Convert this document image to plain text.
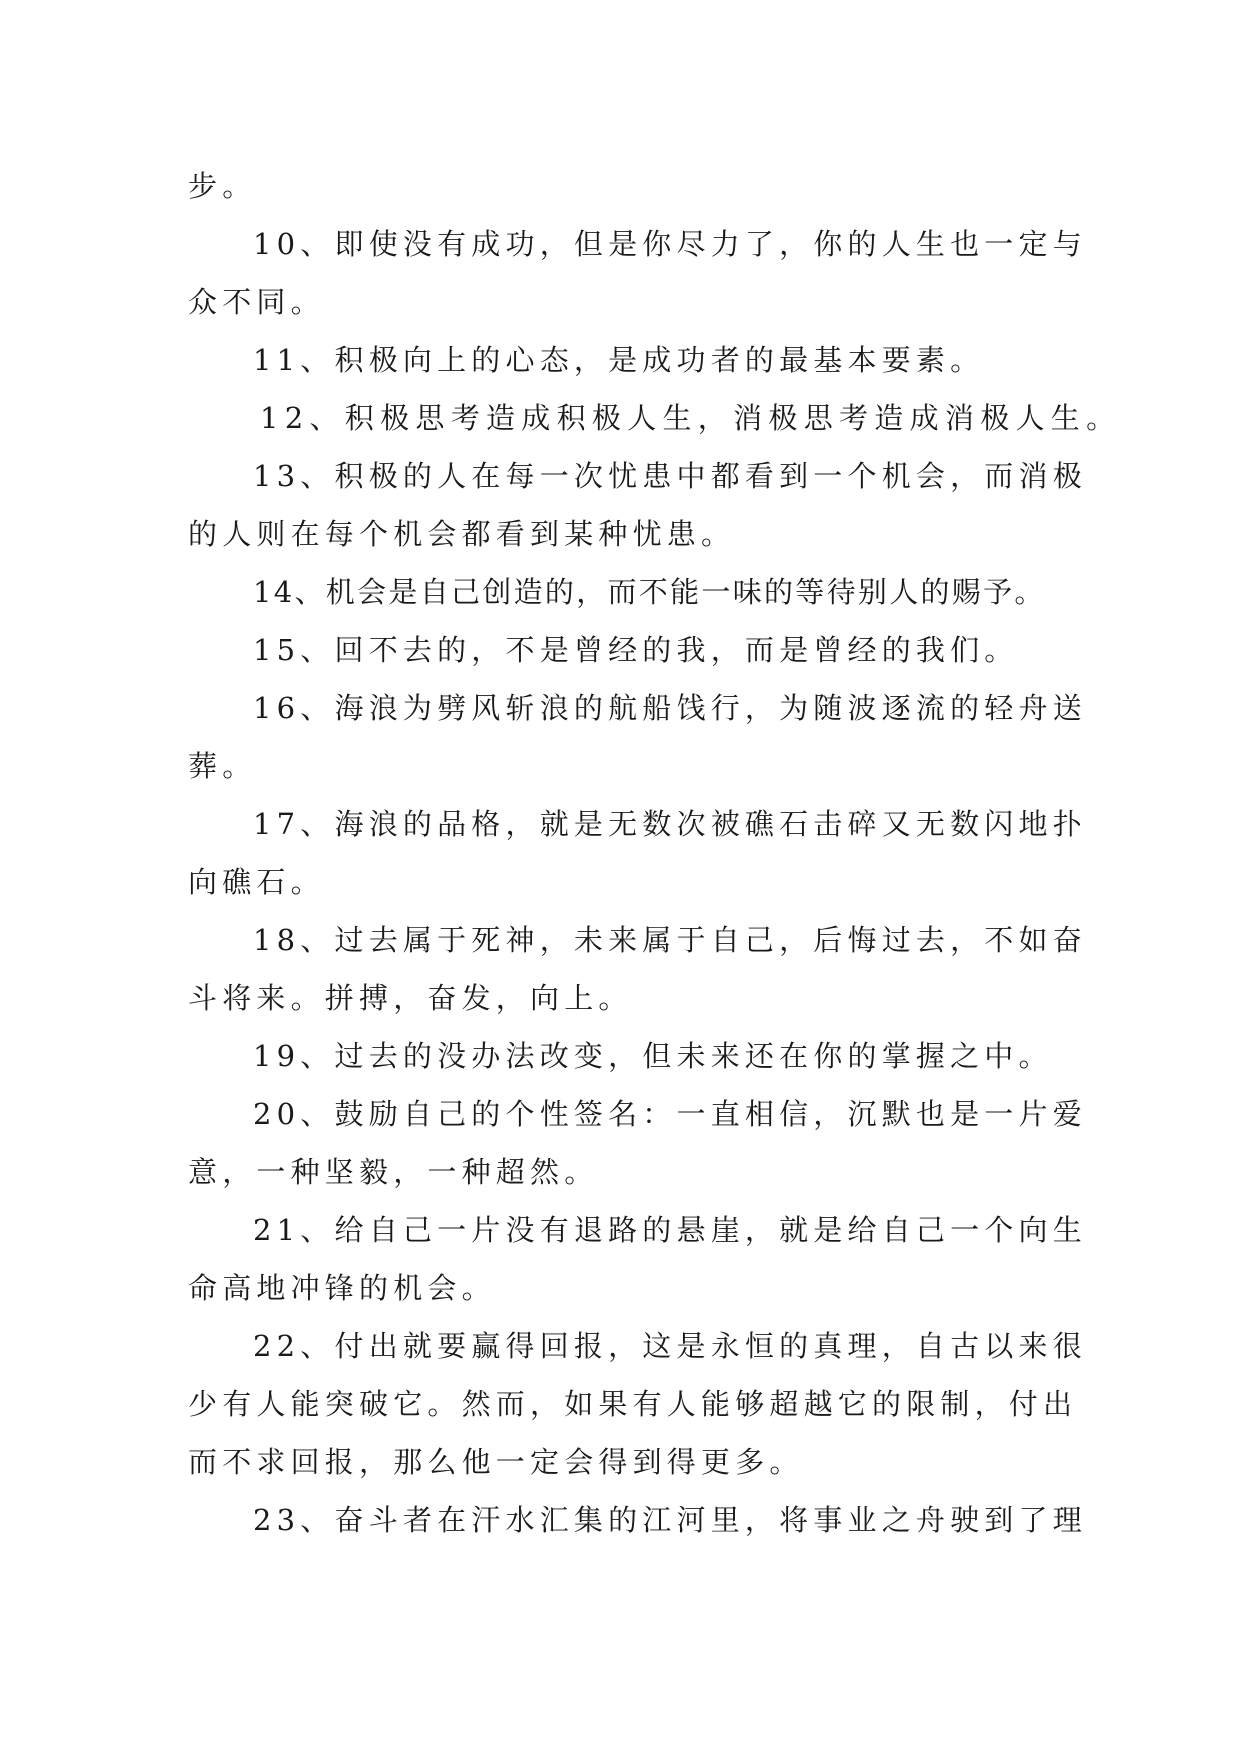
步。
10、即使没有成功，但是你尽力了，你的人生也一定与
众不同。
11、积极向上的心态，是成功者的最基本要素。
12、积极思考造成积极人生，消极思考造成消极人生。
13、积极的人在每一次忧患中都看到一个机会，而消极
的人则在每个机会都看到某种忧患。
14、机会是自己创造的，而不能一味的等待别人的赐予。
15、回不去的，不是曾经的我，而是曾经的我们。
16、海浪为劈风斩浪的航船饯行，为随波逐流的轻舟送
葬。
17、海浪的品格，就是无数次被礁石击碎又无数闪地扑
向礁石。
18、过去属于死神，未来属于自己，后悔过去，不如奋
斗将来。拼搏，奋发，向上。
19、过去的没办法改变，但未来还在你的掌握之中。
20、鼓励自己的个性签名：一直相信，沉默也是一片爱
意，一种坚毅，一种超然。
21、给自己一片没有退路的悬崖，就是给自己一个向生
命高地冲锋的机会。
22、付出就要赢得回报，这是永恒的真理，自古以来很
少有人能突破它。然而，如果有人能够超越它的限制，付出
而不求回报，那么他一定会得到得更多。
23、奋斗者在汗水汇集的江河里，将事业之舟驶到了理
